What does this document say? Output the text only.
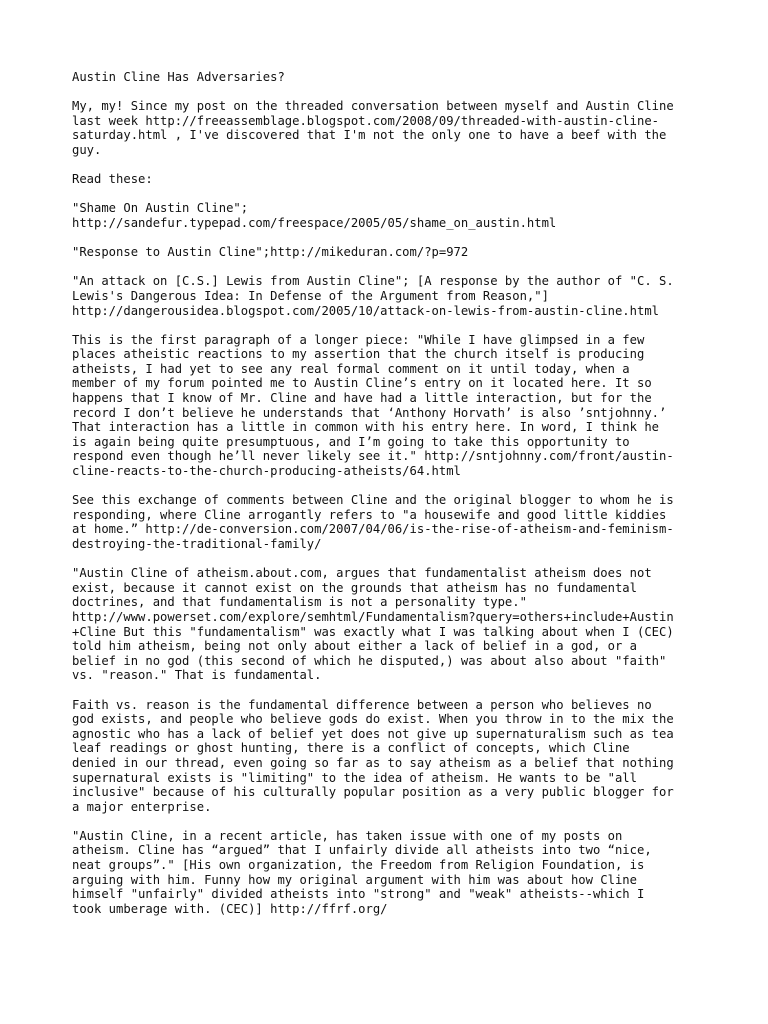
Austin Cline Has Adversaries?

My, my! Since my post on the threaded conversation between myself and Austin Cline
last week http://freeassemblage.blogspot.com/2008/09/threaded-with-austin-cline-
saturday.html , I've discovered that I'm not the only one to have a beef with the
guy.

Read these:

"Shame On Austin Cline";
http://sandefur.typepad.com/freespace/2005/05/shame_on_austin.html

"Response to Austin Cline";http://mikeduran.com/?p=972

"An attack on [C.S.] Lewis from Austin Cline"; [A response by the author of "C. S.
Lewis's Dangerous Idea: In Defense of the Argument from Reason,"]
http://dangerousidea.blogspot.com/2005/10/attack-on-lewis-from-austin-cline.html

This is the first paragraph of a longer piece: "While I have glimpsed in a few
places atheistic reactions to my assertion that the church itself is producing
atheists, I had yet to see any real formal comment on it until today, when a
member of my forum pointed me to Austin Cline’s entry on it located here. It so
happens that I know of Mr. Cline and have had a little interaction, but for the
record I don’t believe he understands that ‘Anthony Horvath’ is also ’sntjohnny.’
That interaction has a little in common with his entry here. In word, I think he
is again being quite presumptuous, and I’m going to take this opportunity to
respond even though he’ll never likely see it." http://sntjohnny.com/front/austin-
cline-reacts-to-the-church-producing-atheists/64.html

See this exchange of comments between Cline and the original blogger to whom he is
responding, where Cline arrogantly refers to "a housewife and good little kiddies
at home.” http://de-conversion.com/2007/04/06/is-the-rise-of-atheism-and-feminism-
destroying-the-traditional-family/

"Austin Cline of atheism.about.com, argues that fundamentalist atheism does not
exist, because it cannot exist on the grounds that atheism has no fundamental
doctrines, and that fundamentalism is not a personality type."
http://www.powerset.com/explore/semhtml/Fundamentalism?query=others+include+Austin
+Cline But this "fundamentalism" was exactly what I was talking about when I (CEC)
told him atheism, being not only about either a lack of belief in a god, or a
belief in no god (this second of which he disputed,) was about also about "faith"
vs. "reason." That is fundamental.

Faith vs. reason is the fundamental difference between a person who believes no
god exists, and people who believe gods do exist. When you throw in to the mix the
agnostic who has a lack of belief yet does not give up supernaturalism such as tea
leaf readings or ghost hunting, there is a conflict of concepts, which Cline
denied in our thread, even going so far as to say atheism as a belief that nothing
supernatural exists is "limiting" to the idea of atheism. He wants to be "all
inclusive" because of his culturally popular position as a very public blogger for
a major enterprise.

"Austin Cline, in a recent article, has taken issue with one of my posts on
atheism. Cline has “argued” that I unfairly divide all atheists into two “nice,
neat groups”." [His own organization, the Freedom from Religion Foundation, is
arguing with him. Funny how my original argument with him was about how Cline
himself "unfairly" divided atheists into "strong" and "weak" atheists--which I
took umberage with. (CEC)] http://ffrf.org/
